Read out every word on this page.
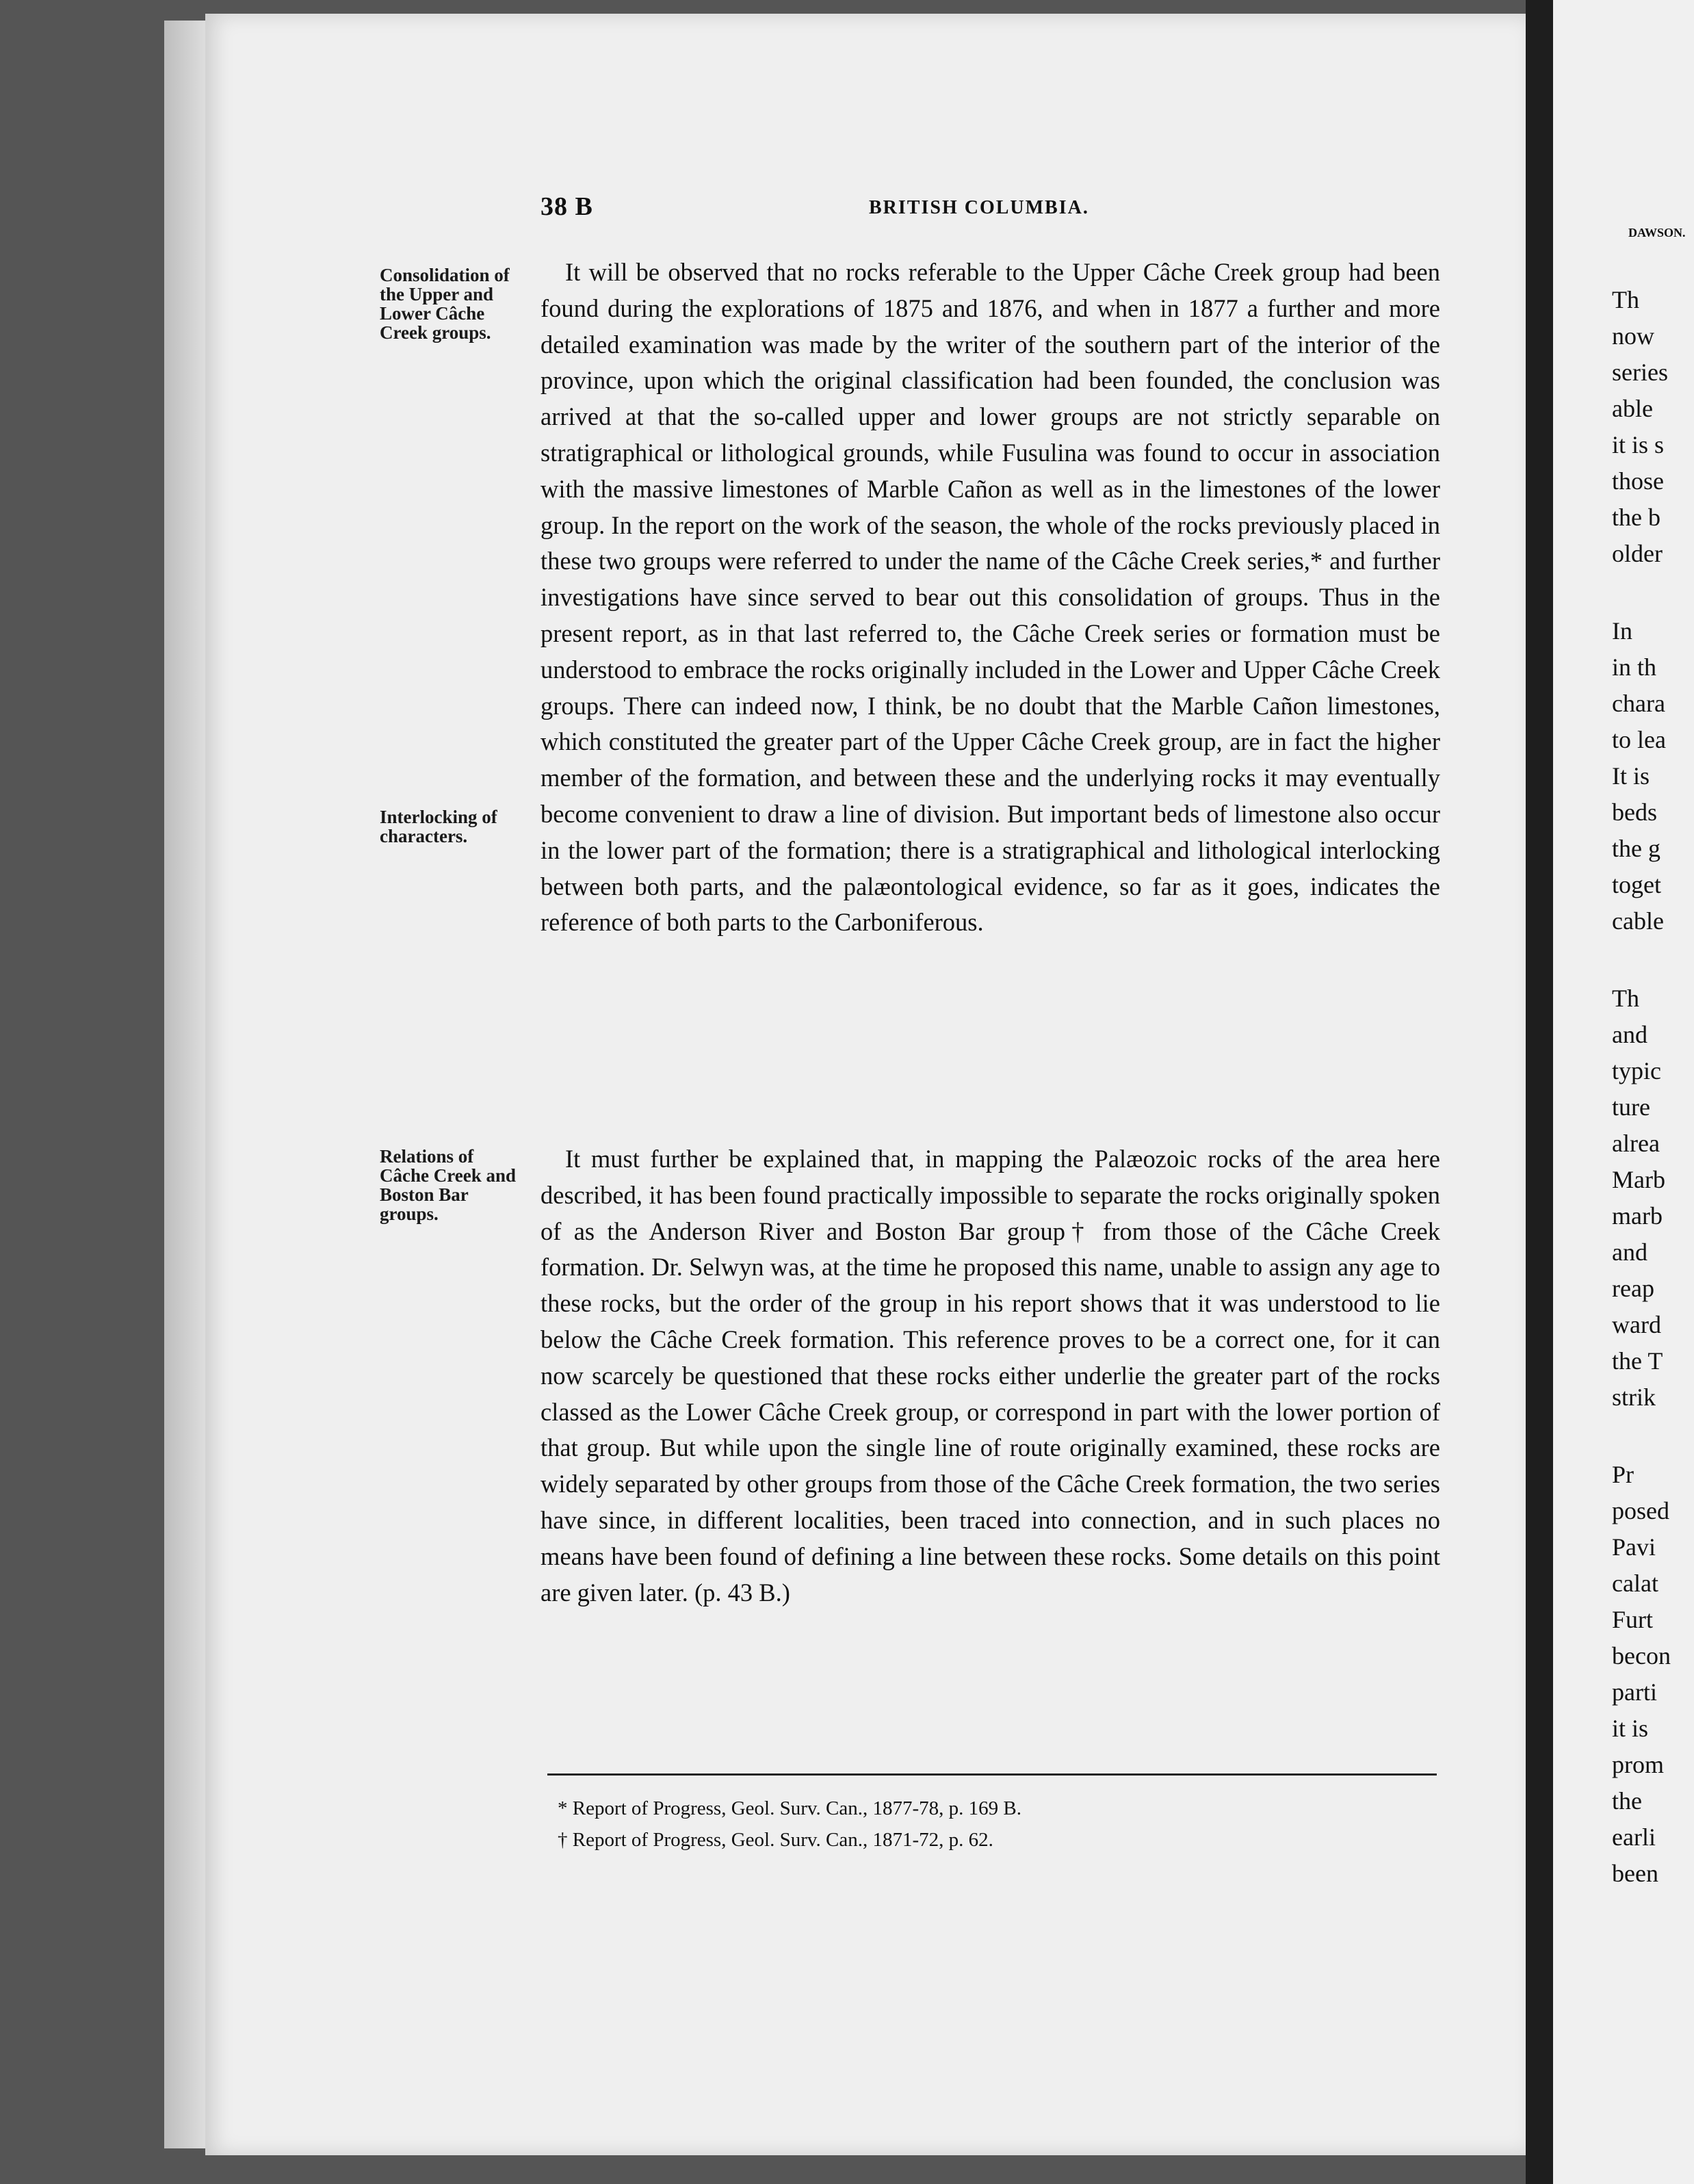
38 B	BRITISH COLUMBIA.
Consolidation of the Upper and Lower Câche Creek groups.
Interlocking of characters.
Relations of Câche Creek and Boston Bar groups.

It will be observed that no rocks referable to the Upper Câche Creek group had been found during the explorations of 1875 and 1876, and when in 1877 a further and more detailed examination was made by the writer of the southern part of the interior of the province, upon which the original classification had been founded, the conclusion was arrived at that the so-called upper and lower groups are not strictly separable on stratigraphical or lithological grounds, while Fusulina was found to occur in association with the massive limestones of Marble Cañon as well as in the limestones of the lower group. In the report on the work of the season, the whole of the rocks previously placed in these two groups were referred to under the name of the Câche Creek series,* and further investigations have since served to bear out this consolidation of groups. Thus in the present report, as in that last referred to, the Câche Creek series or formation must be understood to embrace the rocks originally included in the Lower and Upper Câche Creek groups. There can indeed now, I think, be no doubt that the Marble Cañon limestones, which constituted the greater part of the Upper Câche Creek group, are in fact the higher member of the formation, and between these and the underlying rocks it may eventually become convenient to draw a line of division. But important beds of limestone also occur in the lower part of the formation; there is a stratigraphical and lithological interlocking between both parts, and the palæontological evidence, so far as it goes, indicates the reference of both parts to the Carboniferous.

It must further be explained that, in mapping the Palæozoic rocks of the area here described, it has been found practically impossible to separate the rocks originally spoken of as the Anderson River and Boston Bar group† from those of the Câche Creek formation. Dr. Selwyn was, at the time he proposed this name, unable to assign any age to these rocks, but the order of the group in his report shows that it was understood to lie below the Câche Creek formation. This reference proves to be a correct one, for it can now scarcely be questioned that these rocks either underlie the greater part of the rocks classed as the Lower Câche Creek group, or correspond in part with the lower portion of that group. But while upon the single line of route originally examined, these rocks are widely separated by other groups from those of the Câche Creek formation, the two series have since, in different localities, been traced into connection, and in such places no means have been found of defining a line between these rocks. Some details on this point are given later. (p. 43 B.)

* Report of Progress, Geol. Surv. Can., 1877-78, p. 169 B.
† Report of Progress, Geol. Surv. Can., 1871-72, p. 62.
DAWSON.
Th
now
series
able
it is s
those
the b
older
In
in th
chara
to lea
It is
beds
the g
toget
cable
Th
and
typic
ture
alrea
Marb
marb
and
reap
ward
the T
strik
Pr
posed
Pavi
calat
Furt
becon
parti
it is
prom
the
earli
been
